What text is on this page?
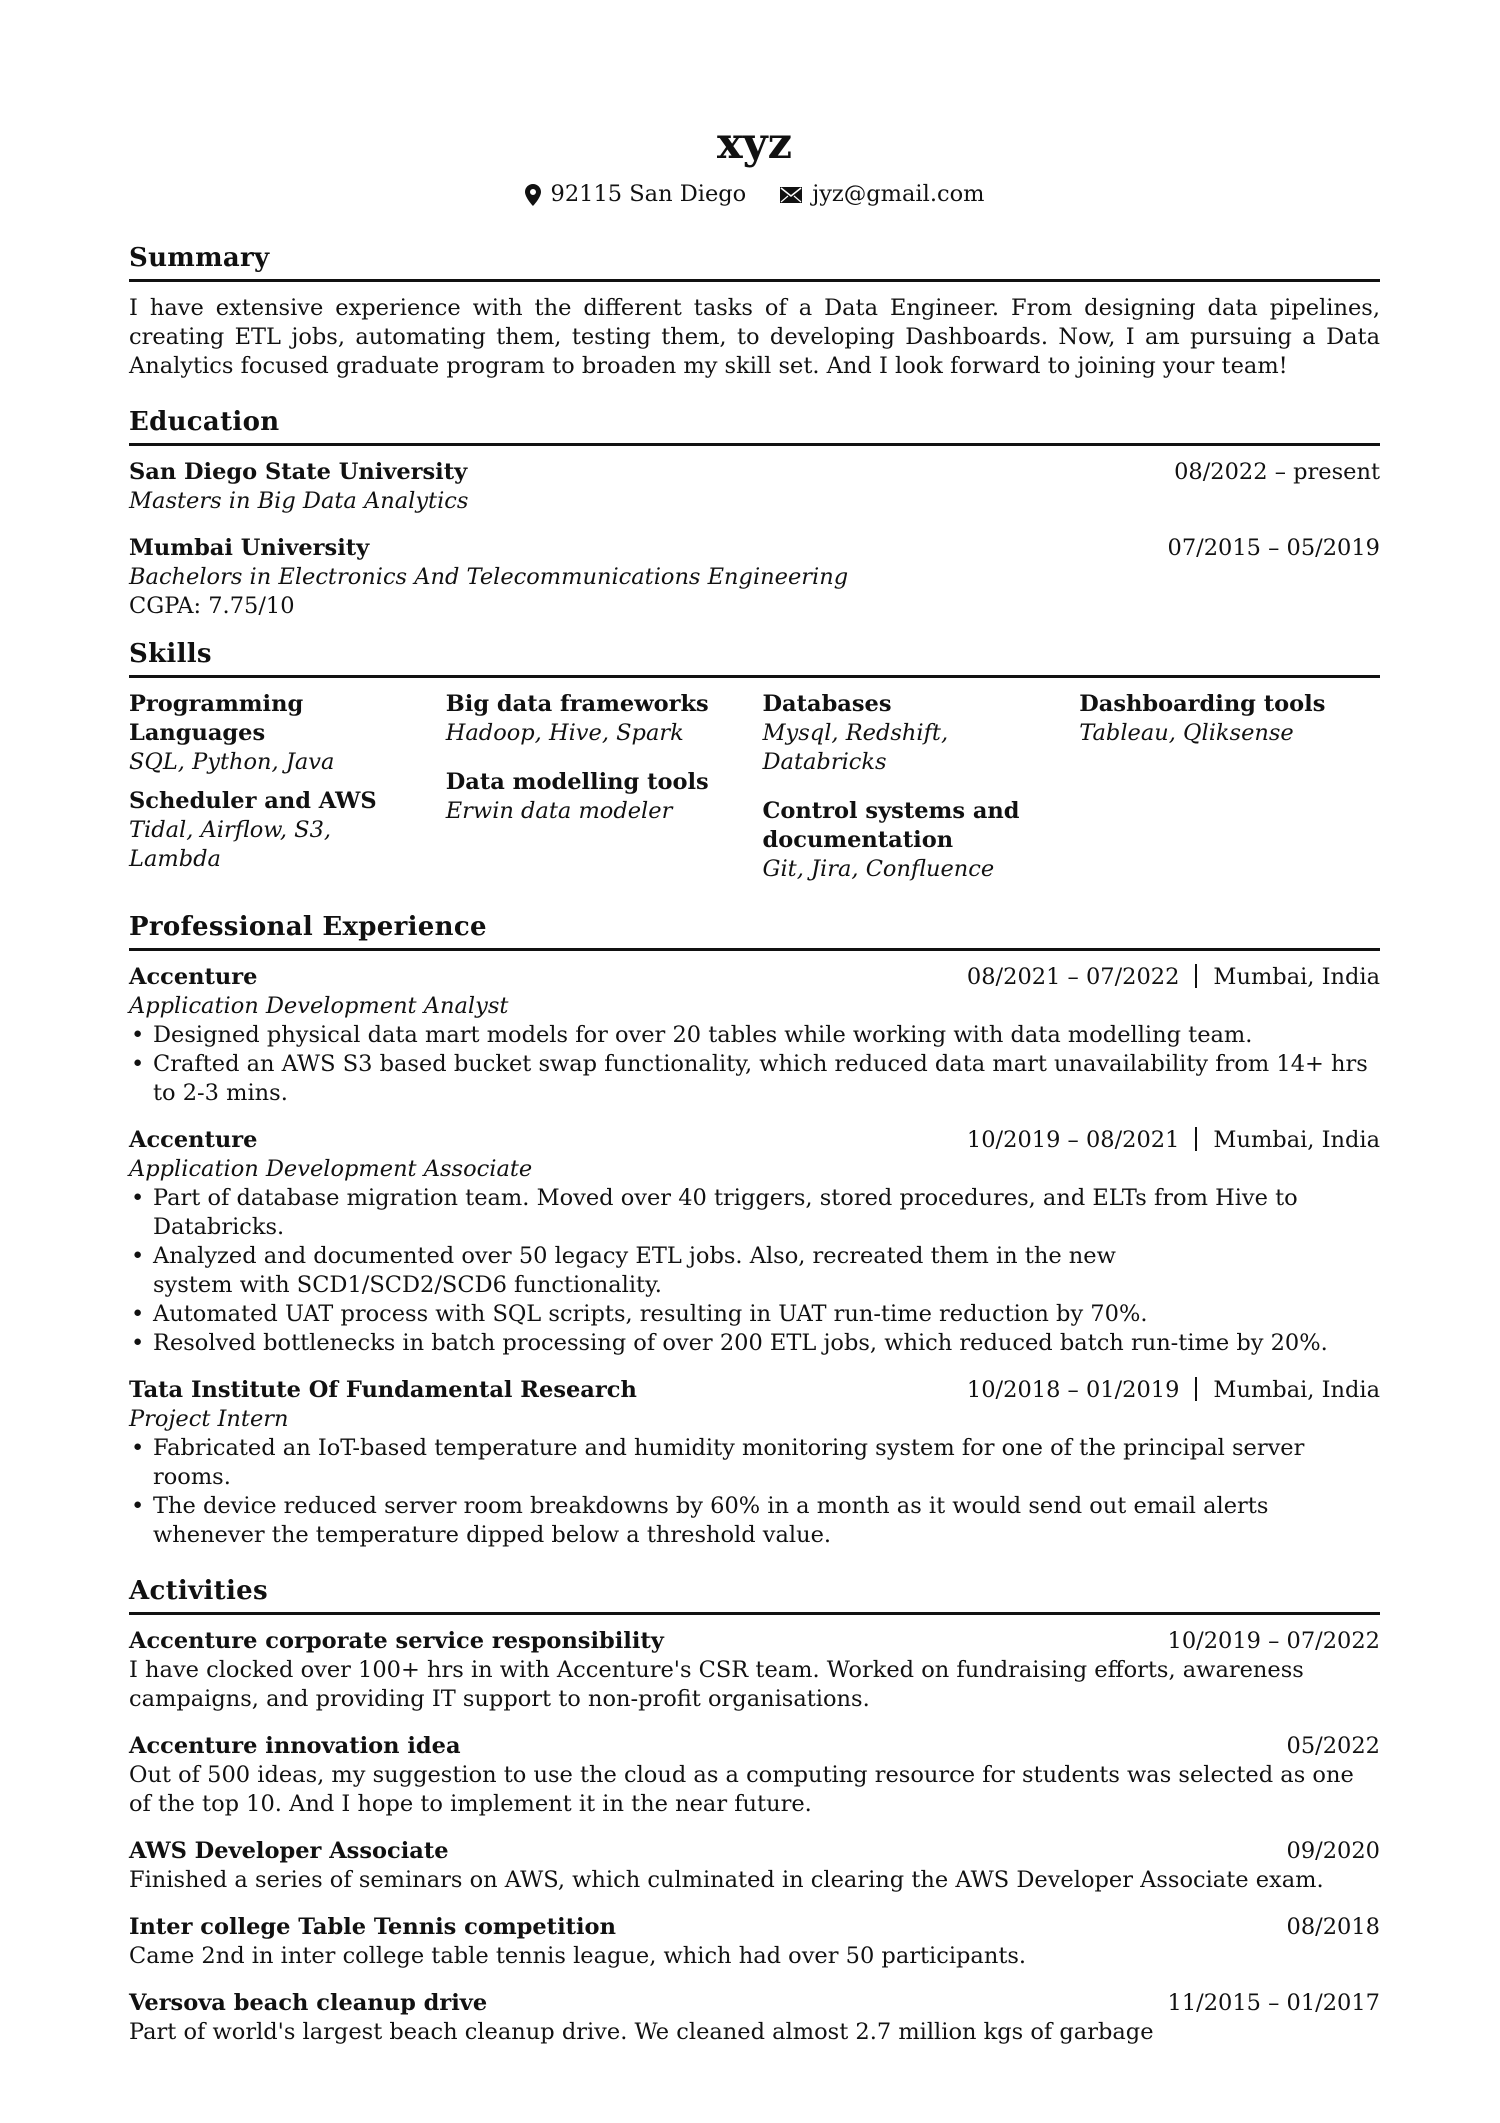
xyz
92115 San Diego	jyz@gmail.com
Summary

I have extensive experience with the different tasks of a Data Engineer. From designing data pipelines, creating ETL jobs, automating them, testing them, to developing Dashboards. Now, I am pursuing a Data Analytics focused graduate program to broaden my skill set. And I look forward to joining your team!

Education
San Diego State University	08/2022 – present
Masters in Big Data Analytics
Mumbai University	07/2015 – 05/2019
Bachelors in Electronics And Telecommunications Engineering
CGPA: 7.75/10
Skills
Programming Languages
SQL, Python, Java
Scheduler and AWS
Tidal, Airflow, S3, Lambda
Big data frameworks
Hadoop, Hive, Spark
Data modelling tools
Erwin data modeler
Databases
Mysql, Redshift, Databricks
Control systems and documentation
Git, Jira, Confluence
Dashboarding tools
Tableau, Qliksense
Professional Experience
Accenture	08/2021 – 07/2022 Mumbai, India
Application Development Analyst
• Designed physical data mart models for over 20 tables while working with data modelling team.
• Crafted an AWS S3 based bucket swap functionality, which reduced data mart unavailability from 14+ hrs to 2-3 mins.
Accenture	10/2019 – 08/2021 Mumbai, India
Application Development Associate
• Part of database migration team. Moved over 40 triggers, stored procedures, and ELTs from Hive to Databricks.
• Analyzed and documented over 50 legacy ETL jobs. Also, recreated them in the new system with SCD1/SCD2/SCD6 functionality.
• Automated UAT process with SQL scripts, resulting in UAT run-time reduction by 70%.
• Resolved bottlenecks in batch processing of over 200 ETL jobs, which reduced batch run-time by 20%.
Tata Institute Of Fundamental Research	10/2018 – 01/2019 Mumbai, India
Project Intern
• Fabricated an IoT-based temperature and humidity monitoring system for one of the principal server rooms.
• The device reduced server room breakdowns by 60% in a month as it would send out email alerts whenever the temperature dipped below a threshold value.
Activities
Accenture corporate service responsibility	10/2019 – 07/2022

I have clocked over 100+ hrs in with Accenture's CSR team. Worked on fundraising efforts, awareness campaigns, and providing IT support to non-profit organisations.

Accenture innovation idea	05/2022

Out of 500 ideas, my suggestion to use the cloud as a computing resource for students was selected as one of the top 10. And I hope to implement it in the near future.

AWS Developer Associate	09/2020

Finished a series of seminars on AWS, which culminated in clearing the AWS Developer Associate exam.

Inter college Table Tennis competition	08/2018

Came 2nd in inter college table tennis league, which had over 50 participants.

Versova beach cleanup drive	11/2015 – 01/2017

Part of world's largest beach cleanup drive. We cleaned almost 2.7 million kgs of garbage
